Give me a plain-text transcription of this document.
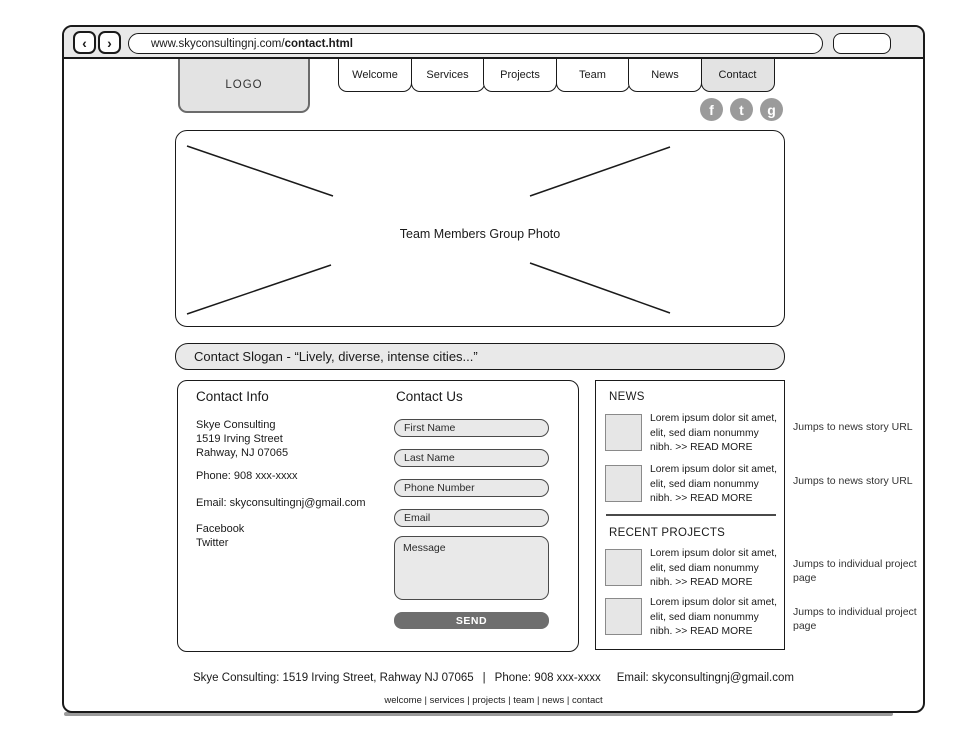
‹ ›	www.skyconsultingnj.com/ contact.html
LOGO
Welcome	Services	Projects	Team	News	Contact
f t g
Team Members Group Photo
Contact Slogan - “Lively, diverse, intense cities...”
Contact Info
Skye Consulting
1519 Irving Street
Rahway, NJ 07065
Phone: 908 xxx-xxxx
Email: skyconsultingnj@gmail.com
Facebook
Twitter
Contact Us
First Name
Last Name
Phone Number
Email
Message
SEND
NEWS
Lorem ipsum dolor sit amet, elit, sed diam nonummy nibh. >> READ MORE
Lorem ipsum dolor sit amet, elit, sed diam nonummy nibh. >> READ MORE
RECENT PROJECTS
Lorem ipsum dolor sit amet, elit, sed diam nonummy nibh. >> READ MORE
Lorem ipsum dolor sit amet, elit, sed diam nonummy nibh. >> READ MORE
Jumps to news story URL
Jumps to news story URL
Jumps to individual project page
Jumps to individual project page
Skye Consulting: 1519 Irving Street, Rahway NJ 07065 | Phone: 908 xxx-xxxx Email: skyconsultingnj@gmail.com
welcome | services | projects | team | news | contact
